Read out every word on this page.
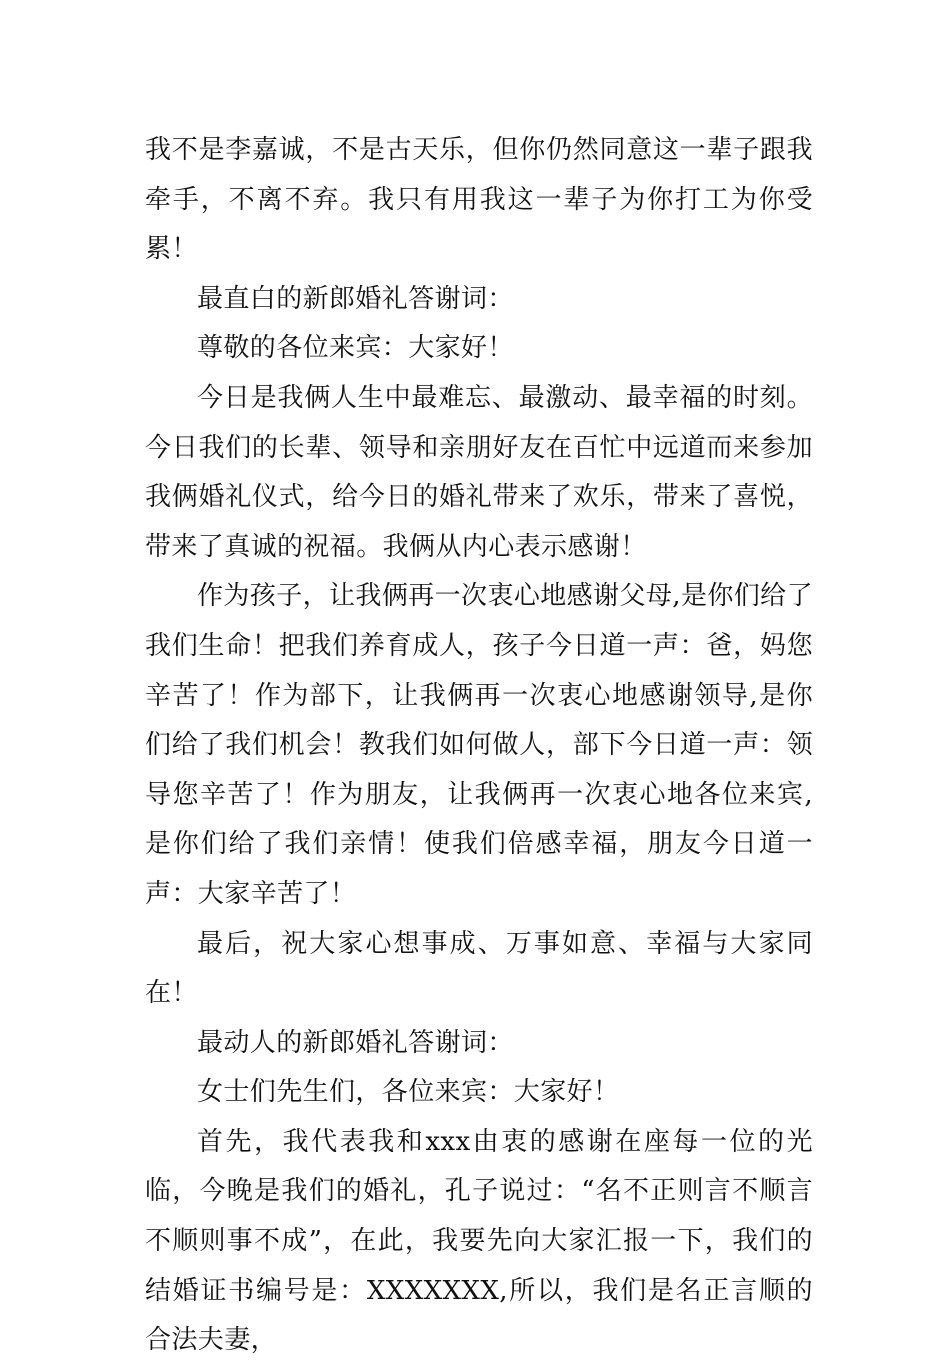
我不是李嘉诚，不是古天乐，但你仍然同意这一辈子跟我牵手，不离不弃。我只有用我这一辈子为你打工为你受累！

最直白的新郎婚礼答谢词：

尊敬的各位来宾：大家好！

今日是我俩人生中最难忘、最激动、最幸福的时刻。今日我们的长辈、领导和亲朋好友在百忙中远道而来参加我俩婚礼仪式，给今日的婚礼带来了欢乐，带来了喜悦，带来了真诚的祝福。我俩从内心表示感谢！

作为孩子，让我俩再一次衷心地感谢父母,是你们给了我们生命！把我们养育成人，孩子今日道一声：爸，妈您辛苦了！作为部下，让我俩再一次衷心地感谢领导,是你们给了我们机会！教我们如何做人，部下今日道一声：领导您辛苦了！作为朋友，让我俩再一次衷心地各位来宾,是你们给了我们亲情！使我们倍感幸福，朋友今日道一声：大家辛苦了！

最后，祝大家心想事成、万事如意、幸福与大家同在！

最动人的新郎婚礼答谢词：

女士们先生们，各位来宾：大家好！

首先，我代表我和xxx由衷的感谢在座每一位的光临，今晚是我们的婚礼，孔子说过：“名不正则言不顺言不顺则事不成”，在此，我要先向大家汇报一下，我们的结婚证书编号是：XXXXXXX,所以，我们是名正言顺的合法夫妻，
